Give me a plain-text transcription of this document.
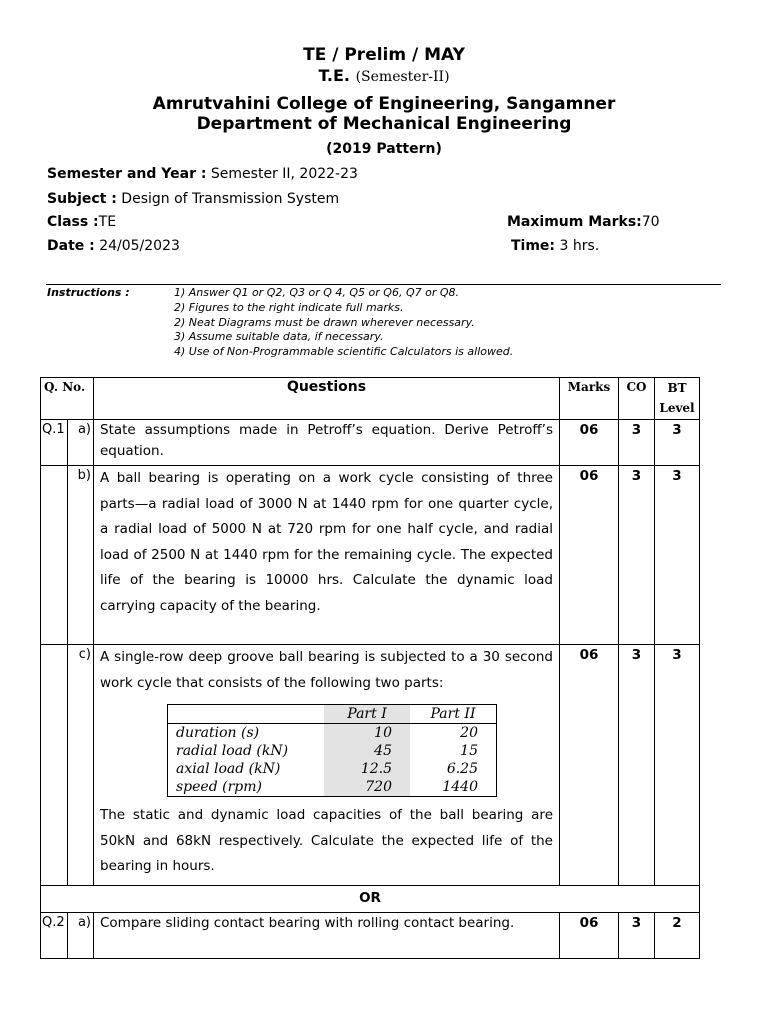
TE / Prelim / MAY
T.E. (Semester-II)
Amrutvahini College of Engineering, Sangamner
Department of Mechanical Engineering
(2019 Pattern)
Semester and Year : Semester II, 2022-23
Subject : Design of Transmission System
Class :TE	Maximum Marks:70
Date : 24/05/2023	Time: 3 hrs.
Instructions :	1) Answer Q1 or Q2, Q3 or Q 4, Q5 or Q6, Q7 or Q8.
2) Figures to the right indicate full marks.
2) Neat Diagrams must be drawn wherever necessary.
3) Assume suitable data, if necessary.
4) Use of Non-Programmable scientific Calculators is allowed.
Q. No.	Questions	Marks	CO	BT
Level
Q.1	a)	State assumptions made in Petroff’s equation. Derive Petroff’s equation.	06	3	3
	b)	A ball bearing is operating on a work cycle consisting of three parts—a radial load of 3000 N at 1440 rpm for one quarter cycle, a radial load of 5000 N at 720 rpm for one half cycle, and radial load of 2500 N at 1440 rpm for the remaining cycle. The expected life of the bearing is 10000 hrs. Calculate the dynamic load carrying capacity of the bearing.	06	3	3
	c)	A single-row deep groove ball bearing is subjected to a 30 second work cycle that consists of the following two parts:
	Part I	Part II
duration (s)	10	20
radial load (kN)	45	15
axial load (kN)	12.5	6.25
speed (rpm)	720	1440
The static and dynamic load capacities of the ball bearing are 50kN and 68kN respectively. Calculate the expected life of the bearing in hours.
	06	3	3
OR
Q.2	a)	Compare sliding contact bearing with rolling contact bearing.	06	3	2
